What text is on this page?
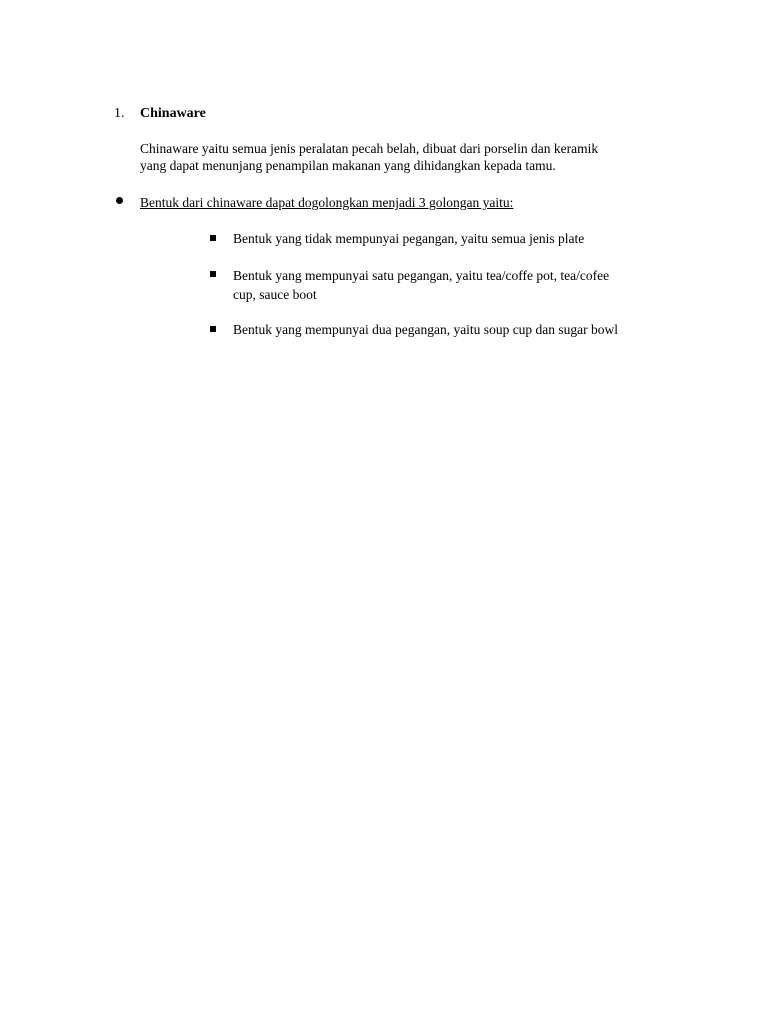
1. Chinaware
Chinaware yaitu semua jenis peralatan pecah belah, dibuat dari porselin dan keramik
yang dapat menunjang penampilan makanan yang dihidangkan kepada tamu.
Bentuk dari chinaware dapat dogolongkan menjadi 3 golongan yaitu:
Bentuk yang tidak mempunyai pegangan, yaitu semua jenis plate
Bentuk yang mempunyai satu pegangan, yaitu tea/coffe pot, tea/cofee
cup, sauce boot
Bentuk yang mempunyai dua pegangan, yaitu soup cup dan sugar bowl
